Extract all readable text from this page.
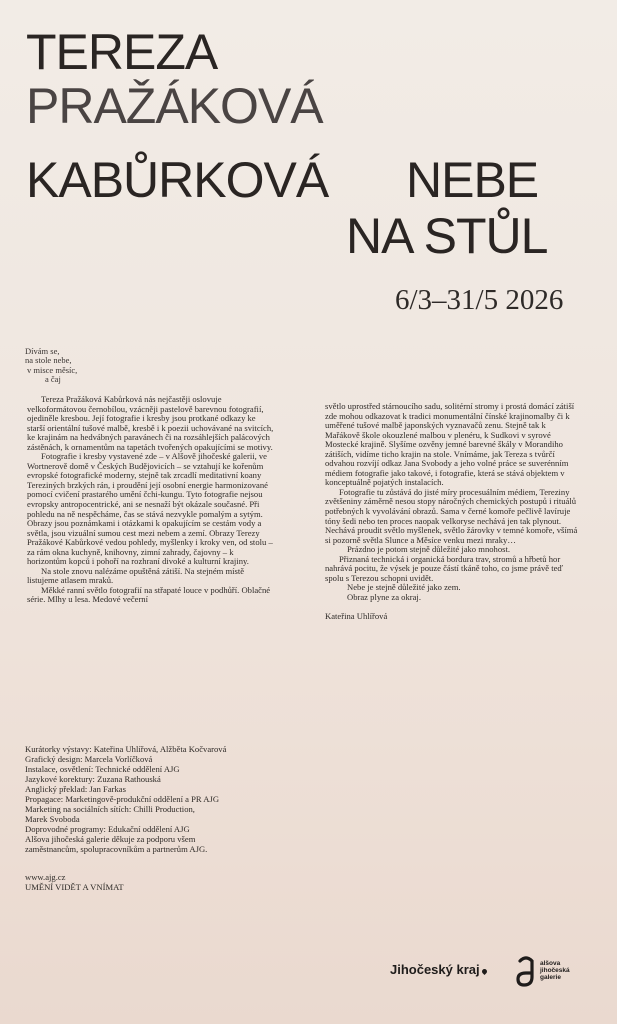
TEREZA
PRAŽÁKOVÁ
KABŮRKOVÁ NEBE
NA STŮL
6/3–31/5 2026
Dívám se,
na stole nebe,
v misce měsíc,
a čaj

Tereza Pražáková Kabůrková nás nejčastěji oslovuje velkoformátovou černobílou, vzácněji pastelově barevnou fotografií, ojediněle kresbou. Její fotografie i kresby jsou protkané odkazy ke starší orientální tušové malbě, kresbě i k poezii uchovávané na svitcích, ke krajinám na hedvábných paravánech či na rozsáhlejších palácových zástěnách, k ornamentům na tapetách tvořených opakujícími se motivy.

Fotografie i kresby vystavené zde – v Alšově jihočeské galerii, ve Wortnerově domě v Českých Budějovicích – se vztahují ke kořenům evropské fotografické moderny, stejně tak zrcadlí meditativní koany Tereziných brzkých rán, i proudění její osobní energie harmonizované pomocí cvičení prastarého umění čchi-kungu. Tyto fotografie nejsou evropsky antropocentrické, ani se nesnaží být okázale současné. Při pohledu na ně nespěcháme, čas se stává nezvykle pomalým a sytým. Obrazy jsou poznámkami i otázkami k opakujícím se cestám vody a světla, jsou vizuální sumou cest mezi nebem a zemí. Obrazy Terezy Pražákové Kabůrkové vedou pohledy, myšlenky i kroky ven, od stolu – za rám okna kuchyně, knihovny, zimní zahrady, čajovny – k horizontům kopců i pohoří na rozhraní divoké a kulturní krajiny.

Na stole znovu nalézáme opuštěná zátiší. Na stejném místě listujeme atlasem mraků.

Měkké ranní světlo fotografií na střapaté louce v podhůří. Oblačné série. Mlhy u lesa. Medové večerní

světlo uprostřed stárnoucího sadu, solitérní stromy i prostá domácí zátiší zde mohou odkazovat k tradici monumentální čínské krajinomalby či k uměřené tušové malbě japonských vyznavačů zenu. Stejně tak k Mařákově škole okouzlené malbou v plenéru, k Sudkovi v syrové Mostecké krajině. Slyšíme ozvěny jemné barevné škály v Morandiho zátiších, vidíme ticho krajin na stole. Vnímáme, jak Tereza s tvůrčí odvahou rozvíjí odkaz Jana Svobody a jeho volné práce se suverénním médiem fotografie jako takové, i fotografie, která se stává objektem v konceptuálně pojatých instalacích.

Fotografie tu zůstává do jisté míry procesuálním médiem, Tereziny zvětšeniny záměrně nesou stopy náročných chemických postupů i rituálů potřebných k vyvolávání obrazů. Sama v černé komoře pečlivě lavíruje tóny šedi nebo ten proces naopak velkoryse nechává jen tak plynout. Nechává proudit světlo myšlenek, světlo žárovky v temné komoře, všímá si pozorně světla Slunce a Měsíce venku mezi mraky…

Prázdno je potom stejně důležité jako mnohost.

Přiznaná technická i organická bordura trav, stromů a hřbetů hor nahrává pocitu, že výsek je pouze částí tkáně toho, co jsme právě teď spolu s Terezou schopni uvidět.

Nebe je stejně důležité jako zem.

Obraz plyne za okraj.

Kateřina Uhlířová

Kurátorky výstavy: Kateřina Uhlířová, Alžběta Kočvarová
Grafický design: Marcela Vorlíčková
Instalace, osvětlení: Technické oddělení AJG
Jazykové korektury: Zuzana Rathouská
Anglický překlad: Jan Farkas
Propagace: Marketingově-produkční oddělení a PR AJG
Marketing na sociálních sítích: Chilli Production,
Marek Svoboda
Doprovodné programy: Edukační oddělení AJG
Alšova jihočeská galerie děkuje za podporu všem
zaměstnancům, spolupracovníkům a partnerům AJG.
www.ajg.cz
UMĚNÍ VIDĚT A VNÍMAT
Jihočeský kraj	alšova
jihočeská
galerie
